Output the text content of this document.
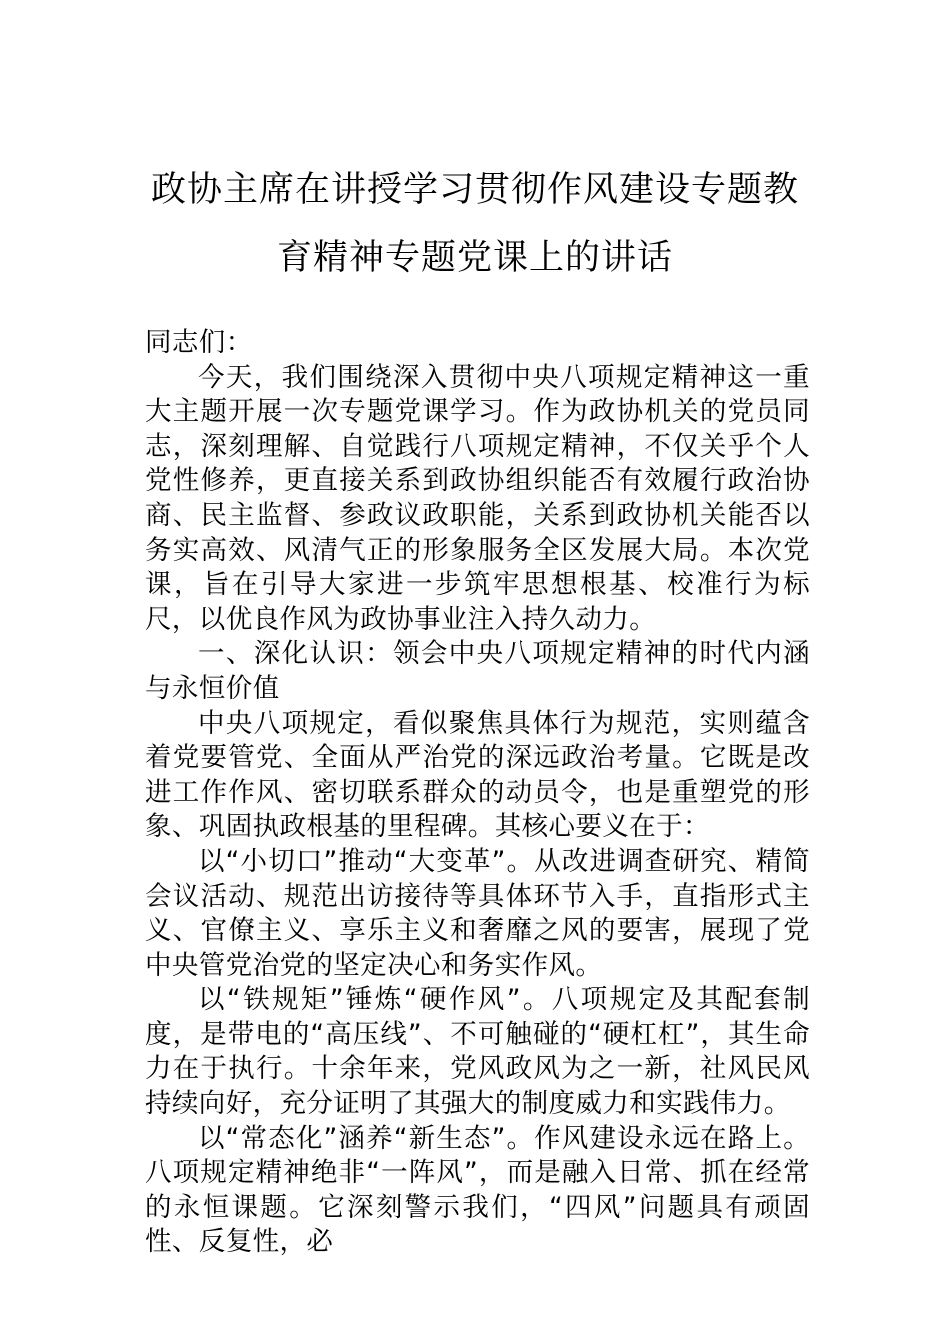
政协主席在讲授学习贯彻作风建设专题教
育精神专题党课上的讲话

同志们：

今天，我们围绕深入贯彻中央八项规定精神这一重大主题开展一次专题党课学习。作为政协机关的党员同志，深刻理解、自觉践行八项规定精神，不仅关乎个人党性修养，更直接关系到政协组织能否有效履行政治协商、民主监督、参政议政职能，关系到政协机关能否以务实高效、风清气正的形象服务全区发展大局。本次党课，旨在引导大家进一步筑牢思想根基、校准行为标尺，以优良作风为政协事业注入持久动力。

一、深化认识：领会中央八项规定精神的时代内涵与永恒价值

中央八项规定，看似聚焦具体行为规范，实则蕴含着党要管党、全面从严治党的深远政治考量。它既是改进工作作风、密切联系群众的动员令，也是重塑党的形象、巩固执政根基的里程碑。其核心要义在于：

以“小切口”推动“大变革”。从改进调查研究、精简会议活动、规范出访接待等具体环节入手，直指形式主义、官僚主义、享乐主义和奢靡之风的要害，展现了党中央管党治党的坚定决心和务实作风。

以“铁规矩”锤炼“硬作风”。八项规定及其配套制度，是带电的“高压线”、不可触碰的“硬杠杠”，其生命力在于执行。十余年来，党风政风为之一新，社风民风持续向好，充分证明了其强大的制度威力和实践伟力。

以“常态化”涵养“新生态”。作风建设永远在路上。八项规定精神绝非“一阵风”，而是融入日常、抓在经常的永恒课题。它深刻警示我们，“四风”问题具有顽固性、反复性，必
